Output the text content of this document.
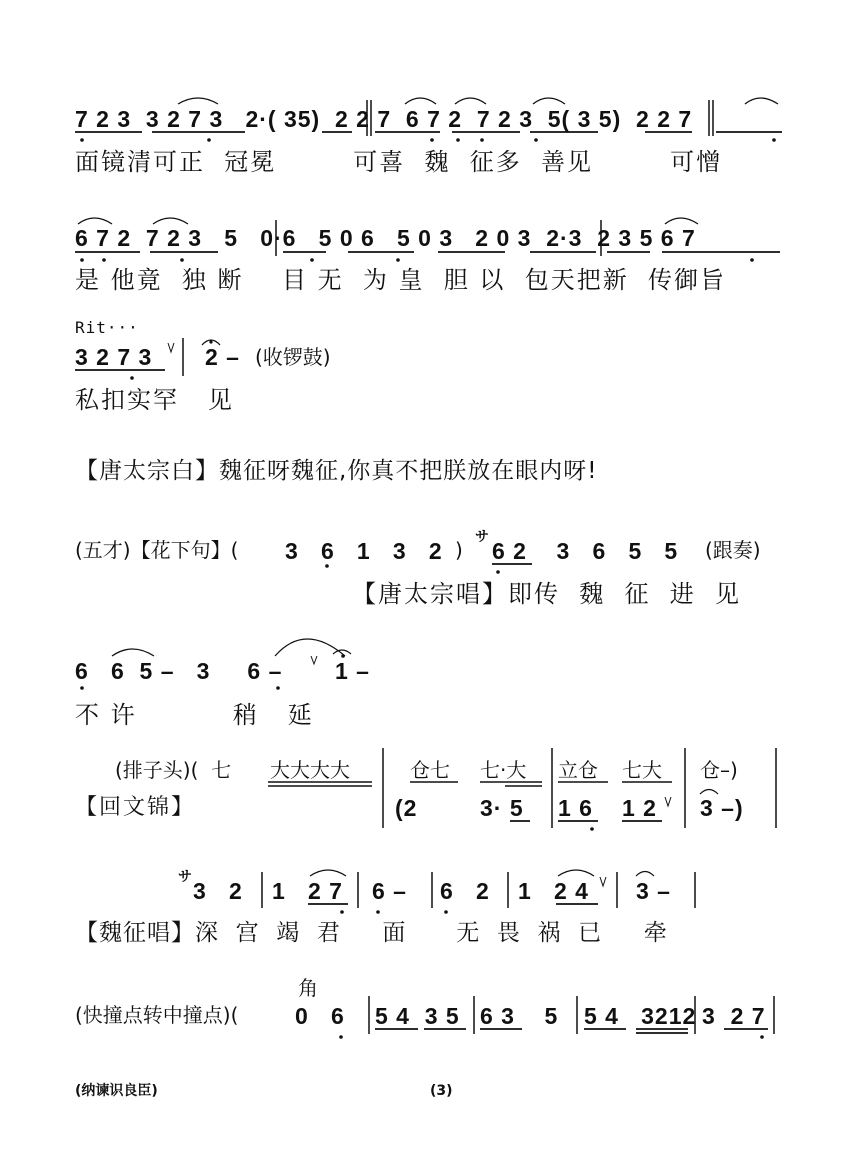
7 2 3  3 2 7 3   2·( 35)  2 2 7  6 7 2  7 2 3  5( 3 5)  2 2 7
面镜清可正  冠冕        可喜  魏  征多  善见        可憎
6 7 2  7 2 3   5   0·6   5 0 6   5 0 3   2 0 3  2·3  2 3 5 6 7
是 他竟  独 断    目 无  为 皇  胆 以  包天把新  传御旨
Rit···
3 2 7 3 2 – (收锣鼓)
私扣实罕   见
【唐太宗白】魏征呀魏征,你真不把朕放在眼内呀!
(五才)【花下句】( 3   6   1   3   2 )
サ
6 2    3   6   5   5 (跟奏)
【唐太宗唱】即传  魏  征  进  见
6   6  5 –   3     6 – 1 –
不 许          稍   延
(排子头)(  七 大大大大	仓七 七·大 立仓 七大 仓–)
【回文锦】	(2	3· 5 1 6 1 2 3 –)
サ
3   2 1   2 7 6 – 6   2 1   2 4 3 –
【魏征唱】深  宫  竭  君     面      无  畏  祸  已     牵
角
(快撞点转中撞点)( 0   6 5 4  3 5 6 3    5 5 4   3212 3  2 7
(纳谏识良臣)	(3)
